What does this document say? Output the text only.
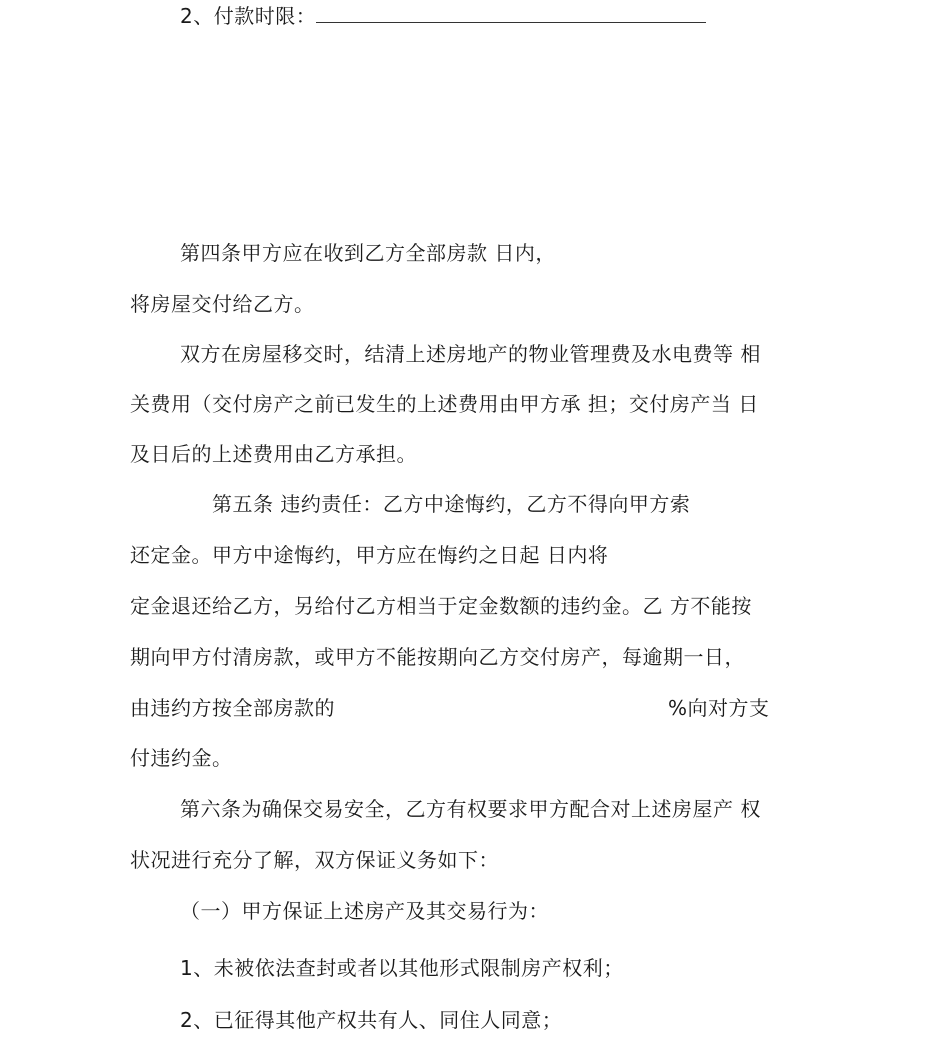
2、付款时限：
第四条甲方应在收到乙方全部房款 日内，
将房屋交付给乙方。
双方在房屋移交时，结清上述房地产的物业管理费及水电费等 相
关费用（交付房产之前已发生的上述费用由甲方承 担；交付房产当 日
及日后的上述费用由乙方承担。
第五条 违约责任：乙方中途悔约，乙方不得向甲方索
还定金。甲方中途悔约，甲方应在悔约之日起 日内将
定金退还给乙方，另给付乙方相当于定金数额的违约金。乙 方不能按
期向甲方付清房款，或甲方不能按期向乙方交付房产，每逾期一日，
由违约方按全部房款的	%向对方支
付违约金。
第六条为确保交易安全，乙方有权要求甲方配合对上述房屋产 权
状况进行充分了解，双方保证义务如下：
（一）甲方保证上述房产及其交易行为：
1、未被依法查封或者以其他形式限制房产权利；
2、已征得其他产权共有人、同住人同意；
